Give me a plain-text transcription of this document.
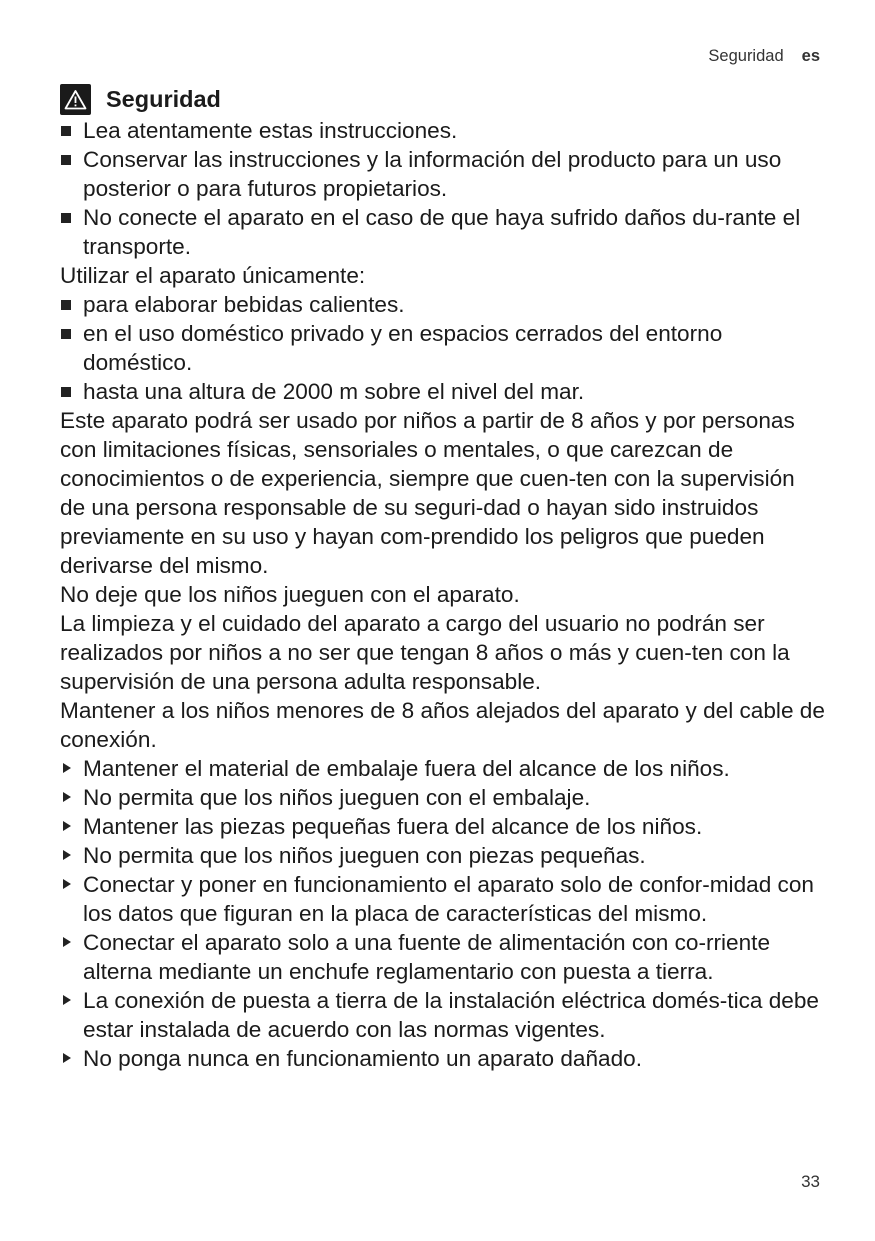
Seguridad es
Seguridad
Lea atentamente estas instrucciones.
Conservar las instrucciones y la información del producto para un uso posterior o para futuros propietarios.
No conecte el aparato en el caso de que haya sufrido daños du-rante el transporte.

Utilizar el aparato únicamente:

para elaborar bebidas calientes.
en el uso doméstico privado y en espacios cerrados del entorno doméstico.
hasta una altura de 2000 m sobre el nivel del mar.

Este aparato podrá ser usado por niños a partir de 8 años y por personas con limitaciones físicas, sensoriales o mentales, o que carezcan de conocimientos o de experiencia, siempre que cuen-ten con la supervisión de una persona responsable de su seguri-dad o hayan sido instruidos previamente en su uso y hayan com-prendido los peligros que pueden derivarse del mismo.

No deje que los niños jueguen con el aparato.

La limpieza y el cuidado del aparato a cargo del usuario no podrán ser realizados por niños a no ser que tengan 8 años o más y cuen-ten con la supervisión de una persona adulta responsable.

Mantener a los niños menores de 8 años alejados del aparato y del cable de conexión.

Mantener el material de embalaje fuera del alcance de los niños.
No permita que los niños jueguen con el embalaje.
Mantener las piezas pequeñas fuera del alcance de los niños.
No permita que los niños jueguen con piezas pequeñas.
Conectar y poner en funcionamiento el aparato solo de confor-midad con los datos que figuran en la placa de características del mismo.
Conectar el aparato solo a una fuente de alimentación con co-rriente alterna mediante un enchufe reglamentario con puesta a tierra.
La conexión de puesta a tierra de la instalación eléctrica domés-tica debe estar instalada de acuerdo con las normas vigentes.
No ponga nunca en funcionamiento un aparato dañado.
33
